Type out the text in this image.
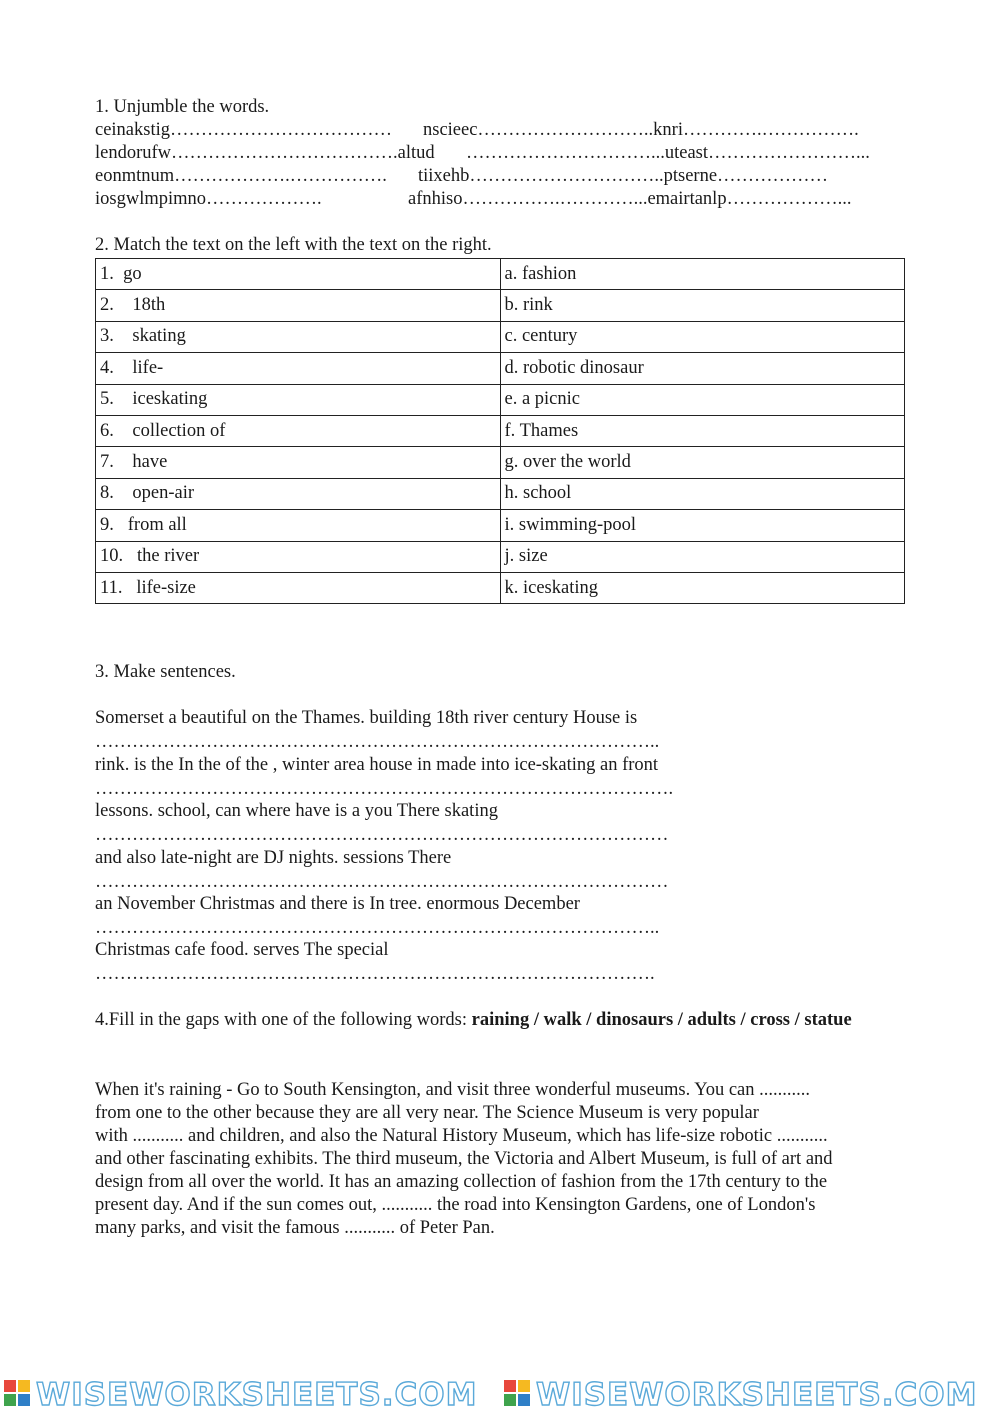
1. Unjumble the words.
ceinakstig……………………………… nscieec………………………..knri………….…………….
lendorufw……………………………….altud …………………………...uteast……………………...
eonmtnum……………….……………. tiixehb…………………………..ptserne………………
iosgwlmpimno……………….	afnhiso…………….…………...emairtanlp………………...
2. Match the text on the left with the text on the right.
1.  go	a. fashion
2.    18th	b. rink
3.    skating	c. century
4.    life-	d. robotic dinosaur
5.    iceskating	e. a picnic
6.    collection of	f. Thames
7.    have	g. over the world
8.    open-air	h. school
9.   from all	i. swimming-pool
10.   the river	j. size
11.   life-size	k. iceskating
3. Make sentences.
Somerset a beautiful on the Thames. building 18th river century House is
………………………………………………………………………………..
rink. is the In the of the , winter area house in made into ice-skating an front
………………………………………………………………………………….
lessons. school, can where have is a you There skating
…………………………………………………………………………………
and also late-night are DJ nights. sessions There
…………………………………………………………………………………
an November Christmas and there is In tree. enormous December
………………………………………………………………………………..
Christmas cafe food. serves The special
……………………………………………………………………………….
4.Fill in the gaps with one of the following words: raining / walk / dinosaurs / adults / cross / statue
When it's raining - Go to South Kensington, and visit three wonderful museums. You can ...........
from one to the other because they are all very near. The Science Museum is very popular
with ........... and children, and also the Natural History Museum, which has life-size robotic ...........
and other fascinating exhibits. The third museum, the Victoria and Albert Museum, is full of art and
design from all over the world. It has an amazing collection of fashion from the 17th century to the
present day. And if the sun comes out, ........... the road into Kensington Gardens, one of London's
many parks, and visit the famous ........... of Peter Pan.
WISEWORKSHEETS.COM WISEWORKSHEETS.COM
